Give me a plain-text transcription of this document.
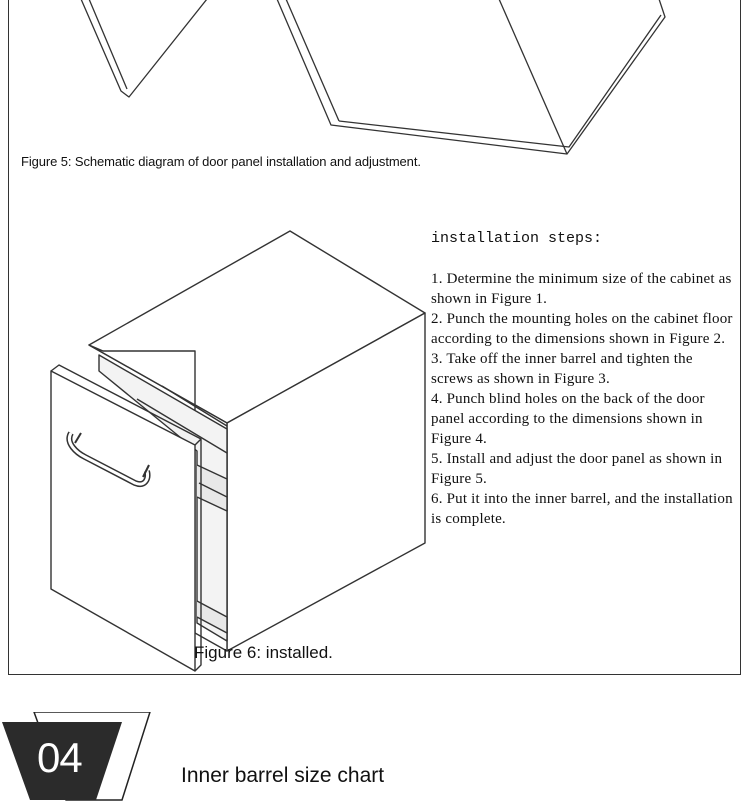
Figure 5: Schematic diagram of door panel installation and adjustment.
Figure 6: installed.
installation steps:
1. Determine the minimum size of the cabinet as shown in Figure 1.
2. Punch the mounting holes on the cabinet floor according to the dimensions shown in Figure 2.
3. Take off the inner barrel and tighten the screws as shown in Figure 3.
4. Punch blind holes on the back of the door panel according to the dimensions shown in Figure 4.
5. Install and adjust the door panel as shown in Figure 5.
6. Put it into the inner barrel, and the installation is complete.
04	Inner barrel size chart
